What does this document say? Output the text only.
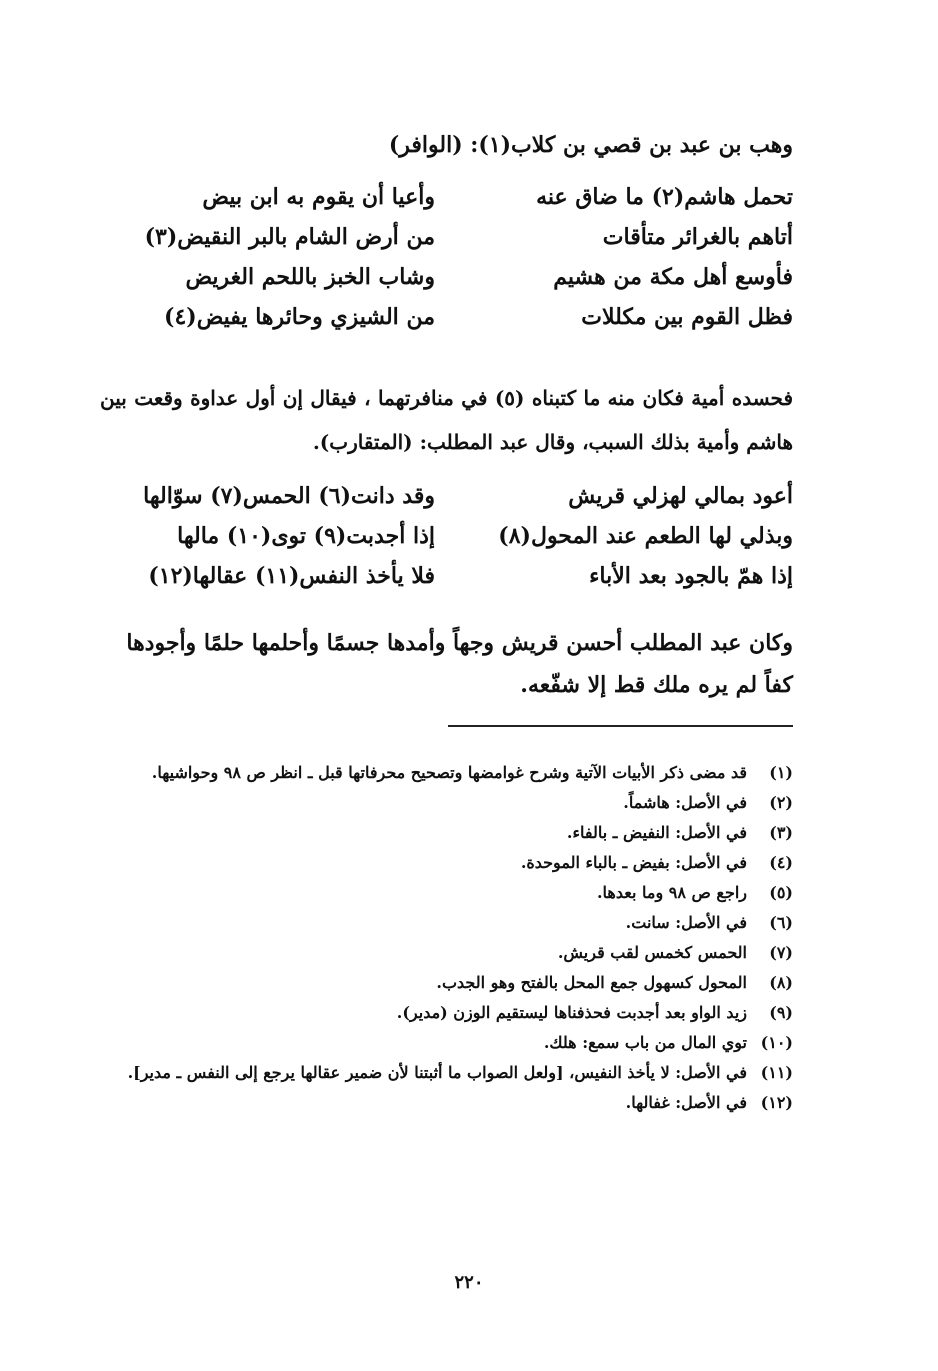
وهب بن عبد بن قصي بن كلاب(١): (الوافر)
تحمل هاشم(٢) ما ضاق عنه
وأعيا أن يقوم به ابن بيض
أتاهم بالغرائر متأقات
من أرض الشام بالبر النقيض(٣)
فأوسع أهل مكة من هشيم
وشاب الخبز باللحم الغريض
فظل القوم بين مكللات
من الشيزي وحائرها يفيض(٤)
فحسده أمية فكان منه ما كتبناه (٥) في منافرتهما ، فيقال إن أول عداوة وقعت بين هاشم وأمية بذلك السبب، وقال عبد المطلب: (المتقارب).
أعود بمالي لهزلي قريش
وقد دانت(٦) الحمس(٧) سوّالها
وبذلي لها الطعم عند المحول(٨)
إذا أجدبت(٩) توى(١٠) مالها
إذا همّ بالجود بعد الأباء
فلا يأخذ النفس(١١) عقالها(١٢)
وكان عبد المطلب أحسن قريش وجهاً وأمدها جسمًا وأحلمها حلمًا وأجودها كفاً لم يره ملك قط إلا شفّعه.
(١)
قد مضى ذكر الأبيات الآتية وشرح غوامضها وتصحيح محرفاتها قبل ـ انظر ص ٩٨ وحواشيها.
(٢)
في الأصل: هاشماً.
(٣)
في الأصل: النفيض ـ بالفاء.
(٤)
في الأصل: بفيض ـ بالباء الموحدة.
(٥)
راجع ص ٩٨ وما بعدها.
(٦)
في الأصل: سانت.
(٧)
الحمس كخمس لقب قريش.
(٨)
المحول كسهول جمع المحل بالفتح وهو الجدب.
(٩)
زيد الواو بعد أجدبت فحذفناها ليستقيم الوزن (مدير).
(١٠)
توي المال من باب سمع: هلك.
(١١)
في الأصل: لا يأخذ النفيس، [ولعل الصواب ما أثبتنا لأن ضمير عقالها يرجع إلى النفس ـ مدير].
(١٢)
في الأصل: غفالها.
٢٢٠
